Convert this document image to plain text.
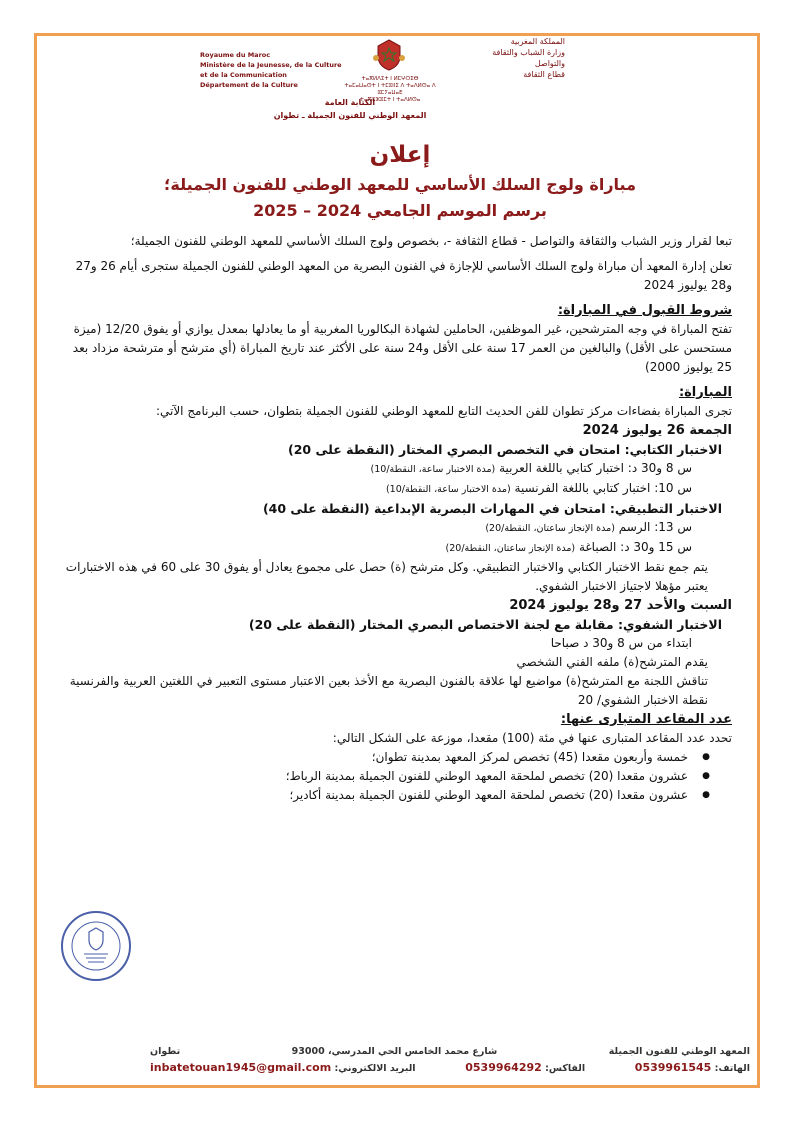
Royaume du Maroc
Ministère de la Jeunesse, de la Culture
et de la Communication
Département de la Culture
ⵜⴰⴳⵍⴷⵉⵜ ⵏ ⵍⵎⵖⵔⵉⴱ
ⵜⴰⵎⴰⵡⴰⵙⵜ ⵏ ⵜⵎⵓⵏⵏⵉ ⴷ ⵜⴰⴷⵍⵙⴰ ⴷ ⵓⵎⵢⴰⵡⴰⴹ
ⵜⴰⴳⵣⵣⵓⵎⵜ ⵏ ⵜⴰⴷⵍⵙⴰ
المملكة المغربية
وزارة الشباب والثقافة
والتواصل
قطاع الثقافة
الكتابة العامة
المعهد الوطني للفنون الجميلة ـ تطوان
إعلان
مباراة ولوج السلك الأساسي للمعهد الوطني للفنون الجميلة؛
برسم الموسم الجامعي 2024 – 2025

تبعا لقرار وزير الشباب والثقافة والتواصل - قطاع الثقافة -، بخصوص ولوج السلك الأساسي للمعهد الوطني للفنون الجميلة؛

تعلن إدارة المعهد أن مباراة ولوج السلك الأساسي للإجازة في الفنون البصرية من المعهد الوطني للفنون الجميلة ستجرى أيام 26 و27 و28 يوليوز 2024

شروط القبول في المباراة:

تفتح المباراة في وجه المترشحين، غير الموظفين، الحاملين لشهادة البكالوريا المغربية أو ما يعادلها بمعدل يوازي أو يفوق 12/20 (ميزة مستحسن على الأقل) والبالغين من العمر 17 سنة على الأقل و24 سنة على الأكثر عند تاريخ المباراة (أي مترشح أو مترشحة مزداد بعد 25 يوليوز 2000)

المباراة:

تجرى المباراة بفضاءات مركز تطوان للفن الحديث التابع للمعهد الوطني للفنون الجميلة بتطوان، حسب البرنامج الآتي:

الجمعة 26 يوليوز 2024

الاختبار الكتابي: امتحان في التخصص البصري المختار (النقطة على 20)

س 8 و30 د: اختبار كتابي باللغة العربية (مدة الاختبار ساعة، النقطة/10)

س 10: اختبار كتابي باللغة الفرنسية (مدة الاختبار ساعة، النقطة/10)

الاختبار التطبيقي: امتحان في المهارات البصرية الإبداعية (النقطة على 40)

س 13: الرسم (مدة الإنجاز ساعتان، النقطة/20)

س 15 و30 د: الصباغة (مدة الإنجاز ساعتان، النقطة/20)

يتم جمع نقط الاختبار الكتابي والاختبار التطبيقي. وكل مترشح (ة) حصل على مجموع يعادل أو يفوق 30 على 60 في هذه الاختبارات يعتبر مؤهلا لاجتياز الاختبار الشفوي.

السبت والأحد 27 و28 يوليوز 2024

الاختبار الشفوي: مقابلة مع لجنة الاختصاص البصري المختار (النقطة على 20)

ابتداء من س 8 و30 د صباحا

يقدم المترشح(ة) ملفه الفني الشخصي

تناقش اللجنة مع المترشح(ة) مواضيع لها علاقة بالفنون البصرية مع الأخذ بعين الاعتبار مستوى التعبير في اللغتين العربية والفرنسية

نقطة الاختبار الشفوي/ 20

عدد المقاعد المتبارى عنها:

تحدد عدد المقاعد المتبارى عنها في مئة (100) مقعدا، موزعة على الشكل التالي:

● خمسة وأربعون مقعدا (45) تخصص لمركز المعهد بمدينة تطوان؛
● عشرون مقعدا (20) تخصص لملحقة المعهد الوطني للفنون الجميلة بمدينة الرباط؛
● عشرون مقعدا (20) تخصص لملحقة المعهد الوطني للفنون الجميلة بمدينة أكادير؛
المعهد الوطني للفنون الجميلة
شارع محمد الخامس الحي المدرسي، 93000
تطوان
الهاتف: 0539961545
الفاكس: 0539964292
البريد الالكتروني: inbatetouan1945@gmail.com
